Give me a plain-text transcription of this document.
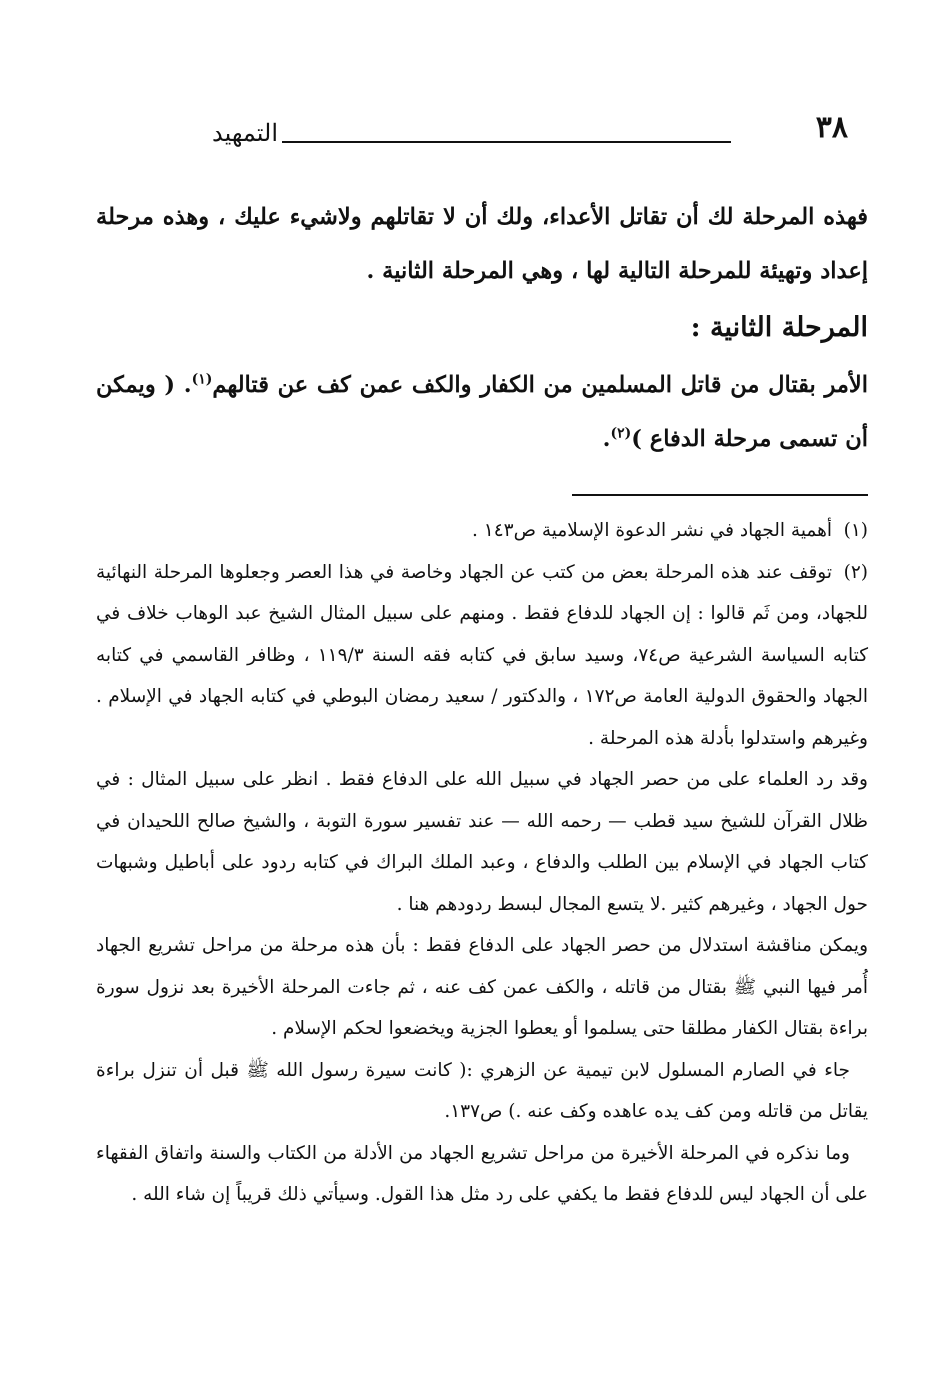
٣٨
التمهيد

فهذه المرحلة لك أن تقاتل الأعداء، ولك أن لا تقاتلهم ولاشيء عليك ، وهذه مرحلة إعداد وتهيئة للمرحلة التالية لها ، وهي المرحلة الثانية .

المرحلة الثانية :

الأمر بقتال من قاتل المسلمين من الكفار والكف عمن كف عن قتالهم$^{(١)}$. ( ويمكن أن تسمى مرحلة الدفاع )$^{(٢)}$.

(١)أهمية الجهاد في نشر الدعوة الإسلامية ص١٤٣ .

(٢)توقف عند هذه المرحلة بعض من كتب عن الجهاد وخاصة في هذا العصر وجعلوها المرحلة النهائية للجهاد، ومن ثَم قالوا : إن الجهاد للدفاع فقط . ومنهم على سبيل المثال الشيخ عبد الوهاب خلاف في كتابه السياسة الشرعية ص٧٤، وسيد سابق في كتابه فقه السنة ١١٩/٣ ، وظافر القاسمي في كتابه الجهاد والحقوق الدولية العامة ص١٧٢ ، والدكتور / سعيد رمضان البوطي في كتابه الجهاد في الإسلام . وغيرهم واستدلوا بأدلة هذه المرحلة .

وقد رد العلماء على من حصر الجهاد في سبيل الله على الدفاع فقط . انظر على سبيل المثال : في ظلال القرآن للشيخ سيد قطب — رحمه الله — عند تفسير سورة التوبة ، والشيخ صالح اللحيدان في كتاب الجهاد في الإسلام بين الطلب والدفاع ، وعبد الملك البراك في كتابه ردود على أباطيل وشبهات حول الجهاد ، وغيرهم كثير .لا يتسع المجال لبسط ردودهم هنا .

ويمكن مناقشة استدلال من حصر الجهاد على الدفاع فقط : بأن هذه مرحلة من مراحل تشريع الجهاد أُمر فيها النبي ﷺ بقتال من قاتله ، والكف عمن كف عنه ، ثم جاءت المرحلة الأخيرة بعد نزول سورة براءة بقتال الكفار مطلقا حتى يسلموا أو يعطوا الجزية ويخضعوا لحكم الإسلام .

جاء في الصارم المسلول لابن تيمية عن الزهري :( كانت سيرة رسول الله ﷺ قبل أن تنزل براءة يقاتل من قاتله ومن كف يده عاهده وكف عنه .) ص١٣٧.

وما نذكره في المرحلة الأخيرة من مراحل تشريع الجهاد من الأدلة من الكتاب والسنة واتفاق الفقهاء على أن الجهاد ليس للدفاع فقط ما يكفي على رد مثل هذا القول. وسيأتي ذلك قريباً إن شاء الله .
